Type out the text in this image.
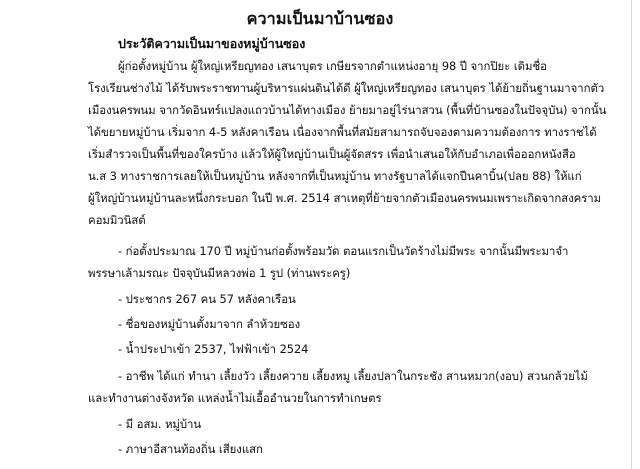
ความเป็นมาบ้านซอง
ประวัติความเป็นมาของหมู่บ้านซอง
ผู้ก่อตั้งหมู่บ้าน ผู้ใหญ่เหรียญทอง เสนาบุตร เกษียรจากตำแหน่งอายุ 98 ปี จากปิยะ เดิมชื่อ
โรงเรียนช่างไม้ ได้รับพระราชทานผู้บริหารแผ่นดินได้ดี ผู้ใหญ่เหรียญทอง เสนาบุตร ได้ย้ายถิ่นฐานมาจากตัว
เมืองนครพนม จากวัดอินทร์แปลงแถวบ้านได้ทางเมือง ย้ายมาอยู่ไร่นาสวน (พื้นที่บ้านซองในปัจจุบัน) จากนั้น
ได้ขยายหมู่บ้าน เริ่มจาก 4-5 หลังคาเรือน เนื่องจากพื้นที่สมัยสามารถจับจองตามความต้องการ ทางราชได้
เริ่มสำรวจเป็นพื้นที่ของใครบ้าง แล้วให้ผู้ใหญ่บ้านเป็นผู้จัดสรร เพื่อนำเสนอให้กับอำเภอเพื่อออกหนังสือ
น.ส 3 ทางราชการเลยให้เป็นหมู่บ้าน หลังจากที่เป็นหมู่บ้าน ทางรัฐบาลได้แจกปืนคาบิ้น(ปลย 88) ให้แก่
ผู้ใหญ่บ้านหมู่บ้านละหนึ่งกระบอก ในปี พ.ศ. 2514 สาเหตุที่ย้ายจากตัวเมืองนครพนมเพราะเกิดจากสงคราม
คอมมิวนิสต์
- ก่อตั้งประมาณ 170 ปี หมู่บ้านก่อตั้งพร้อมวัด ตอนแรกเป็นวัดร้างไม่มีพระ จากนั้นมีพระมาจำ
พรรษาเล้ามรณะ ปัจจุบันมีหลวงพ่อ 1 รูป (ท่านพระครู)
- ประชากร 267 คน 57 หลังคาเรือน
- ชื่อของหมู่บ้านตั้งมาจาก ลำห้วยซอง
- น้ำประปาเข้า 2537, ไฟฟ้าเข้า 2524
- อาชีพ ได้แก่ ทำนา เลี้ยงวัว เลี้ยงควาย เลี้ยงหมู เลี้ยงปลาในกระชัง สานหมวก(งอบ) สวนกล้วยไม้
และทำงานต่างจังหวัด แหล่งน้ำไม่เอื้ออำนวยในการทำเกษตร
- มี อสม. หมู่บ้าน
- ภาษาอีสานท้องถิ่น เสียงแสก
